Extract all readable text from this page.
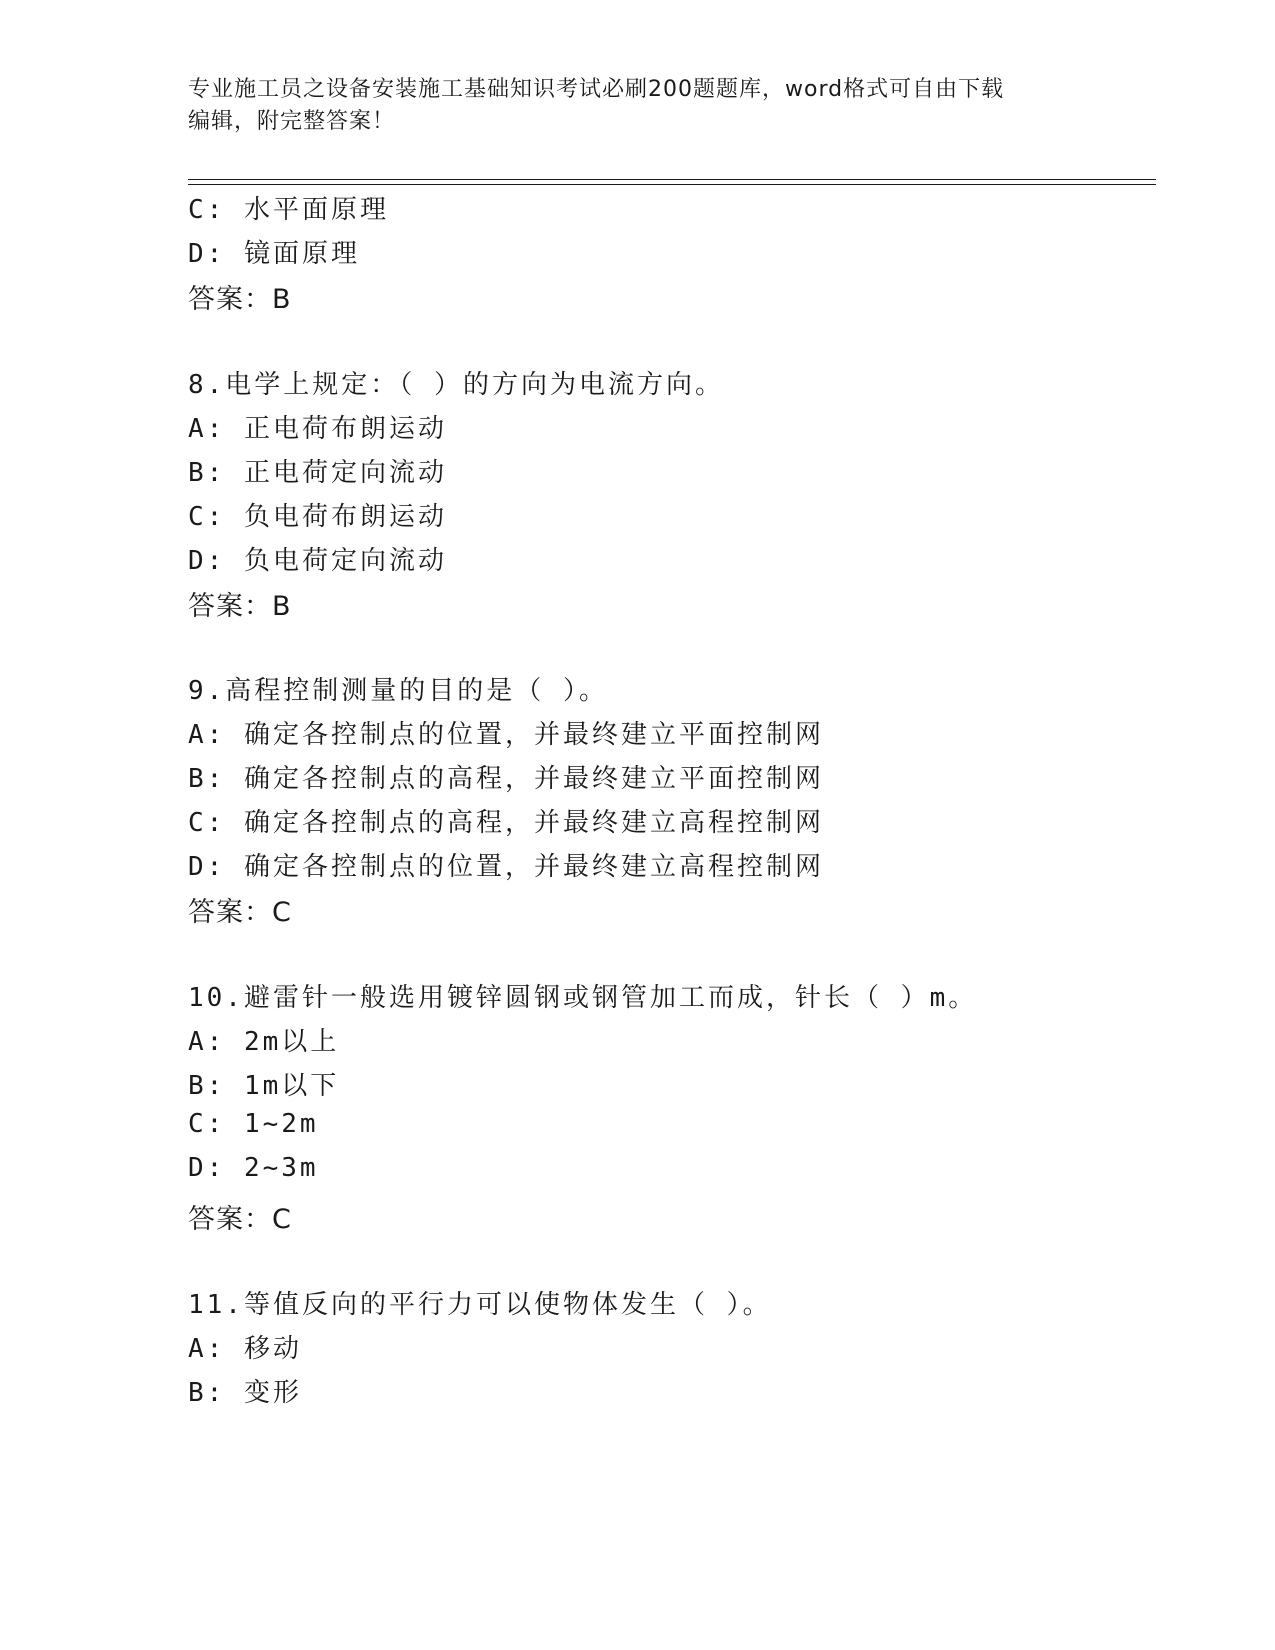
专业施工员之设备安装施工基础知识考试必刷200题题库，word格式可自由下载
编辑，附完整答案！
C: 水平面原理
D: 镜面原理
答案：B
8.电学上规定：（ ）的方向为电流方向。
A: 正电荷布朗运动
B: 正电荷定向流动
C: 负电荷布朗运动
D: 负电荷定向流动
答案：B
9.高程控制测量的目的是（ ）。
A: 确定各控制点的位置，并最终建立平面控制网
B: 确定各控制点的高程，并最终建立平面控制网
C: 确定各控制点的高程，并最终建立高程控制网
D: 确定各控制点的位置，并最终建立高程控制网
答案：C
10.避雷针一般选用镀锌圆钢或钢管加工而成，针长（ ）m。
A: 2m以上
B: 1m以下
C: 1~2m
D: 2~3m
答案：C
11.等值反向的平行力可以使物体发生（ ）。
A: 移动
B: 变形
